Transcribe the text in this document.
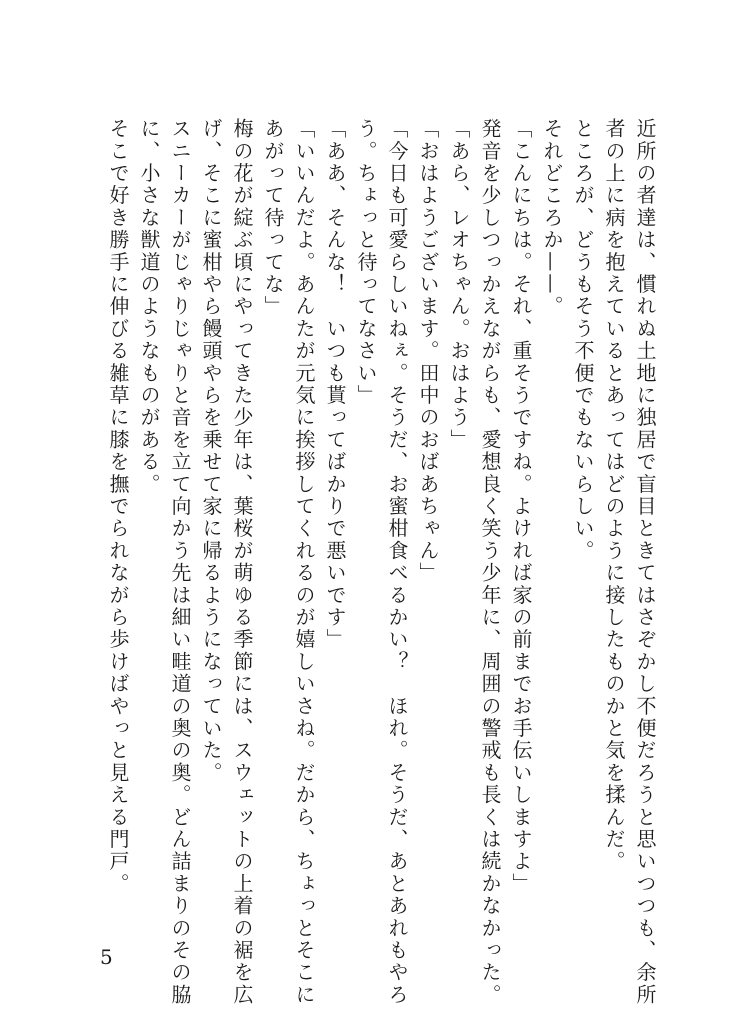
近所の者達は、慣れぬ土地に独居で盲目ときてはさぞかし不便だろうと思いつつも、余所

者の上に病を抱えているとあってはどのように接したものかと気を揉んだ。

ところが、どうもそう不便でもないらしい。

それどころか——。

「こんにちは。それ、重そうですね。よければ家の前までお手伝いしますよ」

発音を少しつっかえながらも、愛想良く笑う少年に、周囲の警戒も長くは続かなかった。

「あら、レオちゃん。おはよう」

「おはようございます。田中のおばあちゃん」

「今日も可愛らしいねぇ。そうだ、お蜜柑食べるかい？　ほれ。そうだ、あとあれもやろ

う。ちょっと待ってなさい」

「ああ、そんな！　いつも貰ってばかりで悪いです」

「いいんだよ。あんたが元気に挨拶してくれるのが嬉しいさね。だから、ちょっとそこに

あがって待ってな」

梅の花が綻ぶ頃にやってきた少年は、葉桜が萌ゆる季節には、スウェットの上着の裾を広

げ、そこに蜜柑やら饅頭やらを乗せて家に帰るようになっていた。

スニーカーがじゃりじゃりと音を立て向かう先は細い畦道の奥の奥。どん詰まりのその脇

に、小さな獣道のようなものがある。

そこで好き勝手に伸びる雑草に膝を撫でられながら歩けばやっと見える門戸。

5
